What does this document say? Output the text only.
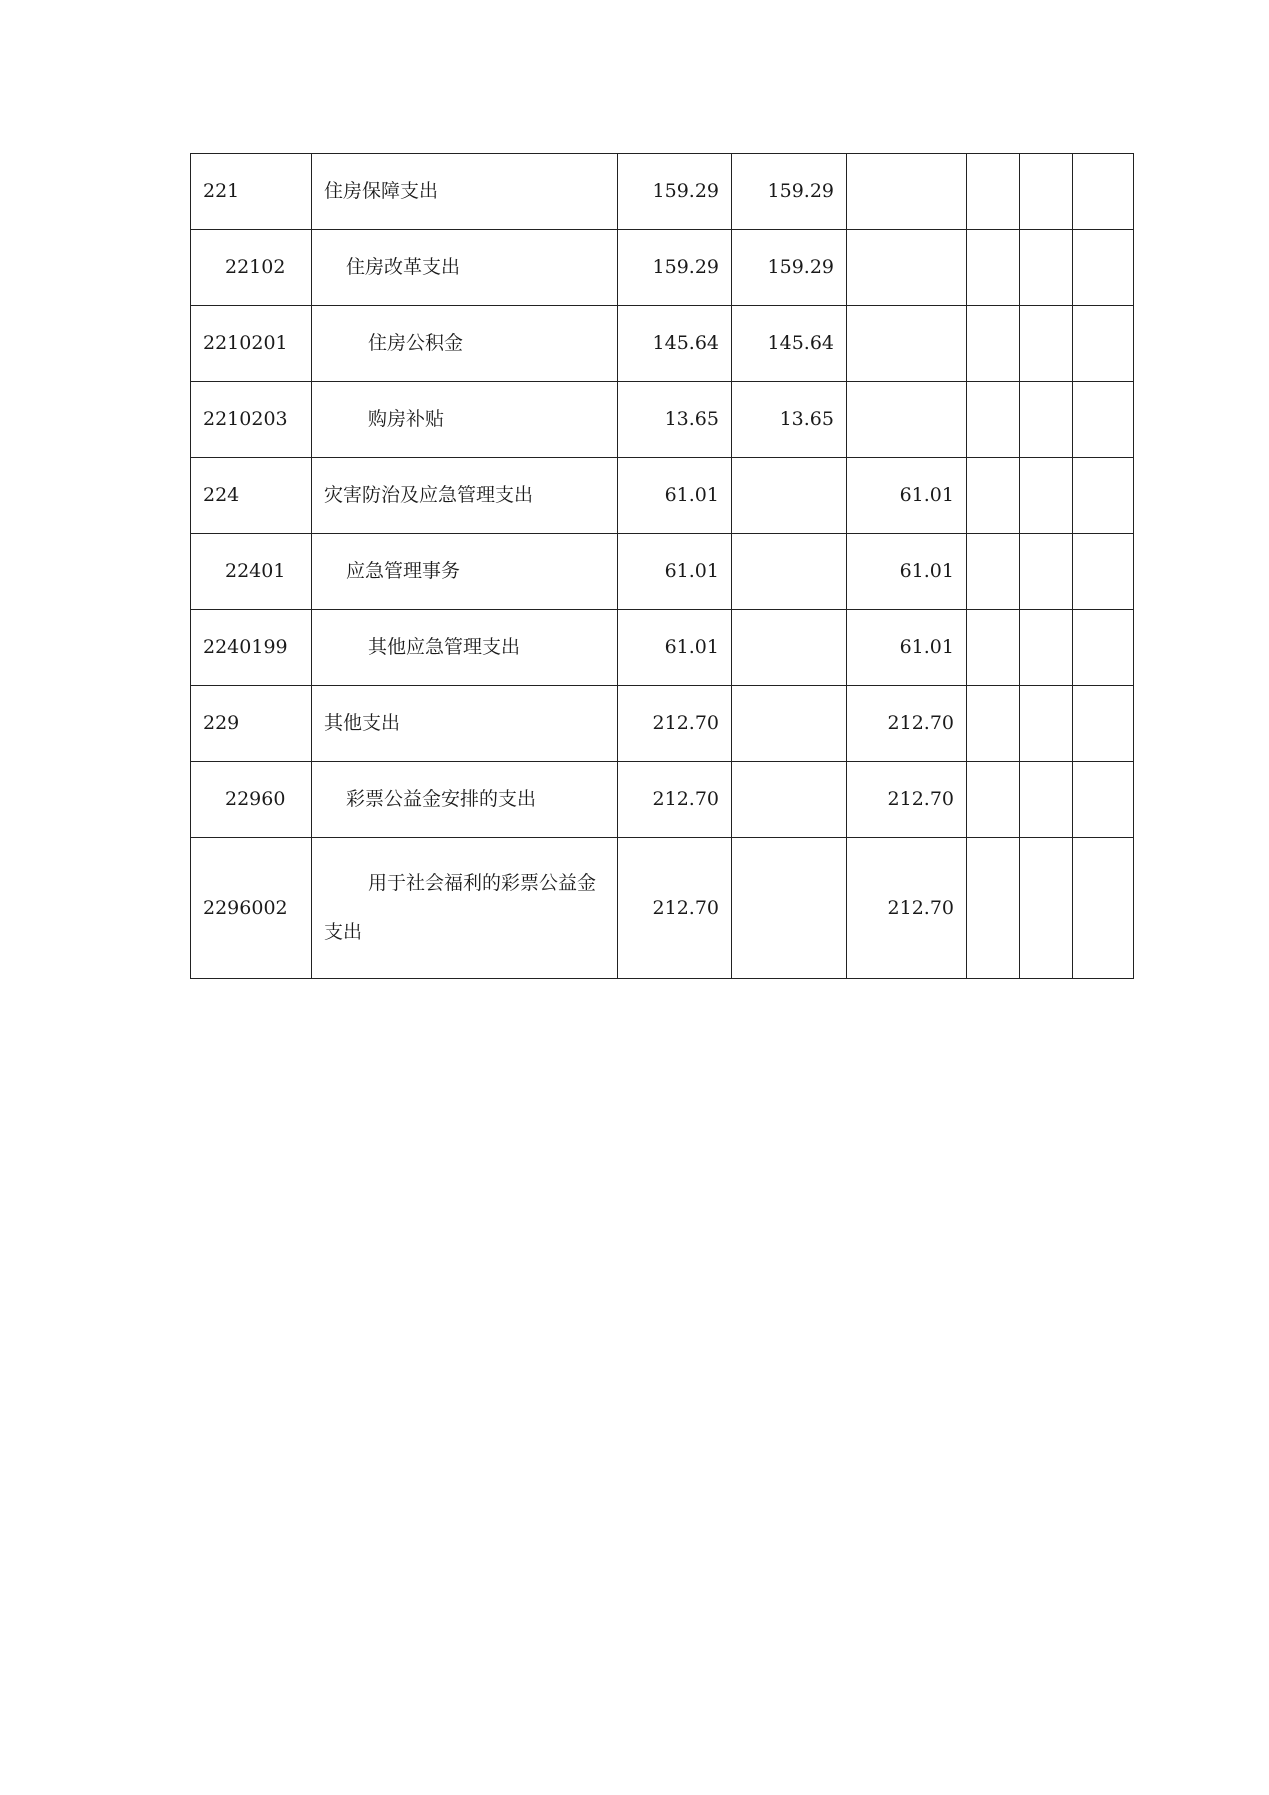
221	住房保障支出	159.29	159.29				
22102	住房改革支出	159.29	159.29				
2210201	住房公积金	145.64	145.64				
2210203	购房补贴	13.65	13.65				
224	灾害防治及应急管理支出	61.01		61.01			
22401	应急管理事务	61.01		61.01			
2240199	其他应急管理支出	61.01		61.01			
229	其他支出	212.70		212.70			
22960	彩票公益金安排的支出	212.70		212.70			
2296002	用于社会福利的彩票公益金支出	212.70		212.70			
